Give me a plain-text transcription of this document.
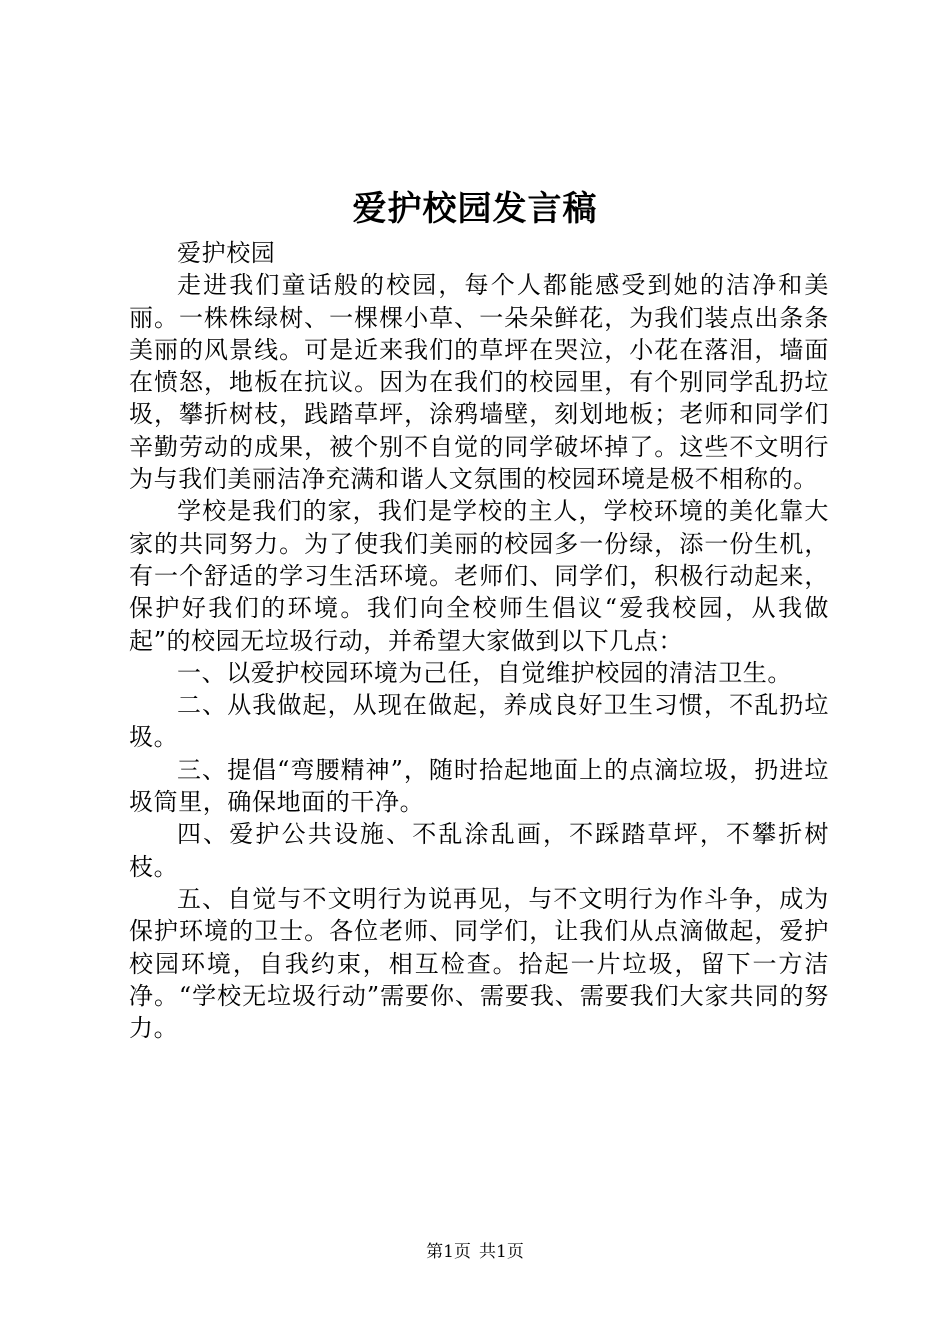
爱护校园发言稿

爱护校园

走进我们童话般的校园，每个人都能感受到她的洁净和美丽。一株株绿树、一棵棵小草、一朵朵鲜花，为我们装点出条条美丽的风景线。可是近来我们的草坪在哭泣，小花在落泪，墙面在愤怒，地板在抗议。因为在我们的校园里，有个别同学乱扔垃圾，攀折树枝，践踏草坪，涂鸦墙壁，刻划地板；老师和同学们辛勤劳动的成果，被个别不自觉的同学破坏掉了。这些不文明行为与我们美丽洁净充满和谐人文氛围的校园环境是极不相称的。

学校是我们的家，我们是学校的主人，学校环境的美化靠大家的共同努力。为了使我们美丽的校园多一份绿，添一份生机，有一个舒适的学习生活环境。老师们、同学们，积极行动起来，保护好我们的环境。我们向全校师生倡议“爱我校园，从我做起”的校园无垃圾行动，并希望大家做到以下几点：

一、以爱护校园环境为己任，自觉维护校园的清洁卫生。

二、从我做起，从现在做起，养成良好卫生习惯，不乱扔垃圾。

三、提倡“弯腰精神”，随时拾起地面上的点滴垃圾，扔进垃圾筒里，确保地面的干净。

四、爱护公共设施、不乱涂乱画，不踩踏草坪，不攀折树枝。

五、自觉与不文明行为说再见，与不文明行为作斗争，成为保护环境的卫士。各位老师、同学们，让我们从点滴做起，爱护校园环境，自我约束，相互检查。拾起一片垃圾，留下一方洁净。“学校无垃圾行动”需要你、需要我、需要我们大家共同的努力。

第1页 共1页
